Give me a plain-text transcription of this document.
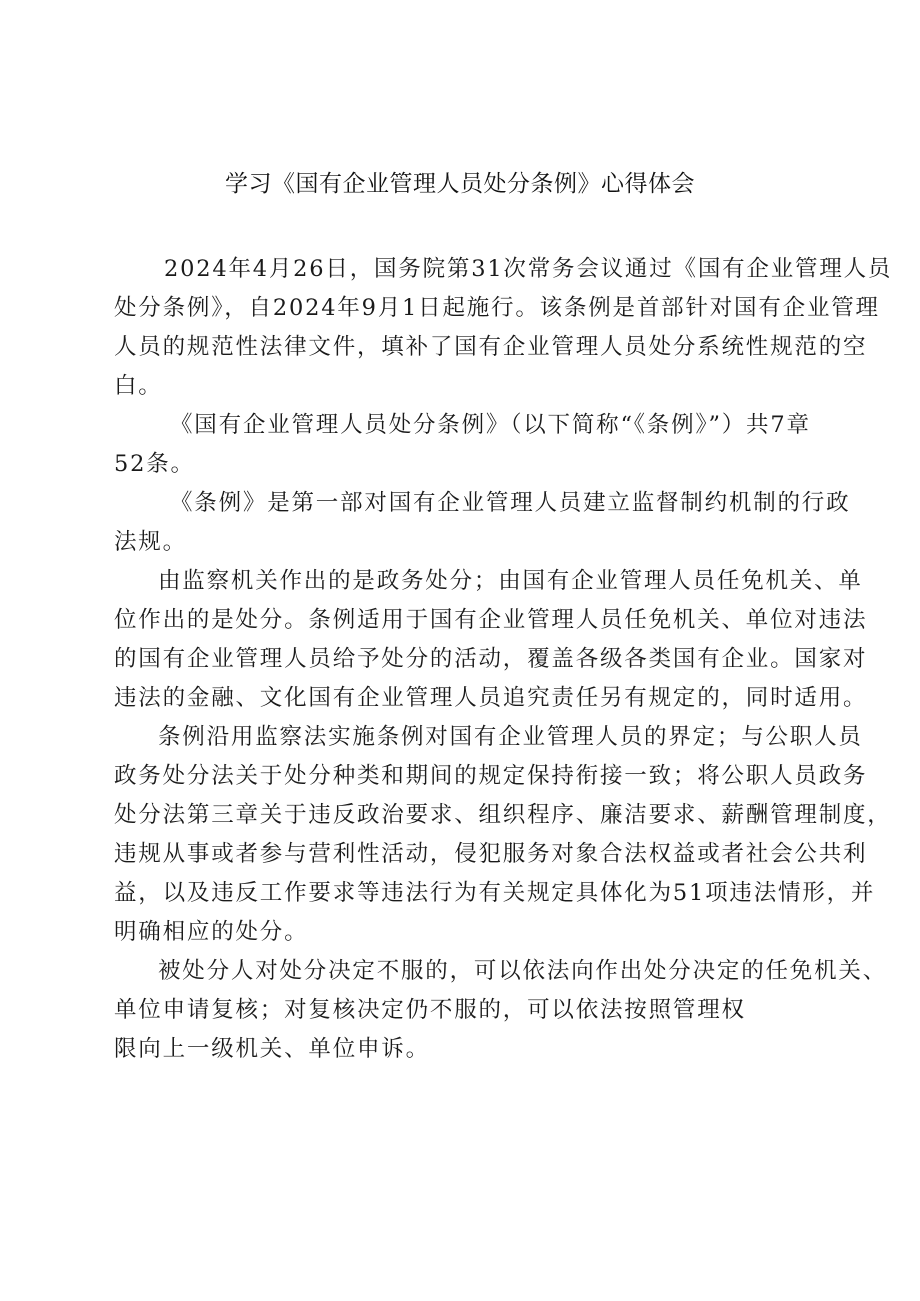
学习《国有企业管理人员处分条例》心得体会

2024年4月26日，国务院第31次常务会议通过《国有企业管理人员
处分条例》，自2024年9月1日起施行。该条例是首部针对国有企业管理
人员的规范性法律文件，填补了国有企业管理人员处分系统性规范的空
白。

《国有企业管理人员处分条例》（以下简称“《条例》”）共7章
52条。

《条例》是第一部对国有企业管理人员建立监督制约机制的行政
法规。

由监察机关作出的是政务处分；由国有企业管理人员任免机关、单
位作出的是处分。条例适用于国有企业管理人员任免机关、单位对违法
的国有企业管理人员给予处分的活动，覆盖各级各类国有企业。国家对
违法的金融、文化国有企业管理人员追究责任另有规定的，同时适用。

条例沿用监察法实施条例对国有企业管理人员的界定；与公职人员
政务处分法关于处分种类和期间的规定保持衔接一致；将公职人员政务
处分法第三章关于违反政治要求、组织程序、廉洁要求、薪酬管理制度，
违规从事或者参与营利性活动，侵犯服务对象合法权益或者社会公共利
益，以及违反工作要求等违法行为有关规定具体化为51项违法情形，并
明确相应的处分。

被处分人对处分决定不服的，可以依法向作出处分决定的任免机关、
单位申请复核；对复核决定仍不服的，可以依法按照管理权
限向上一级机关、单位申诉。
